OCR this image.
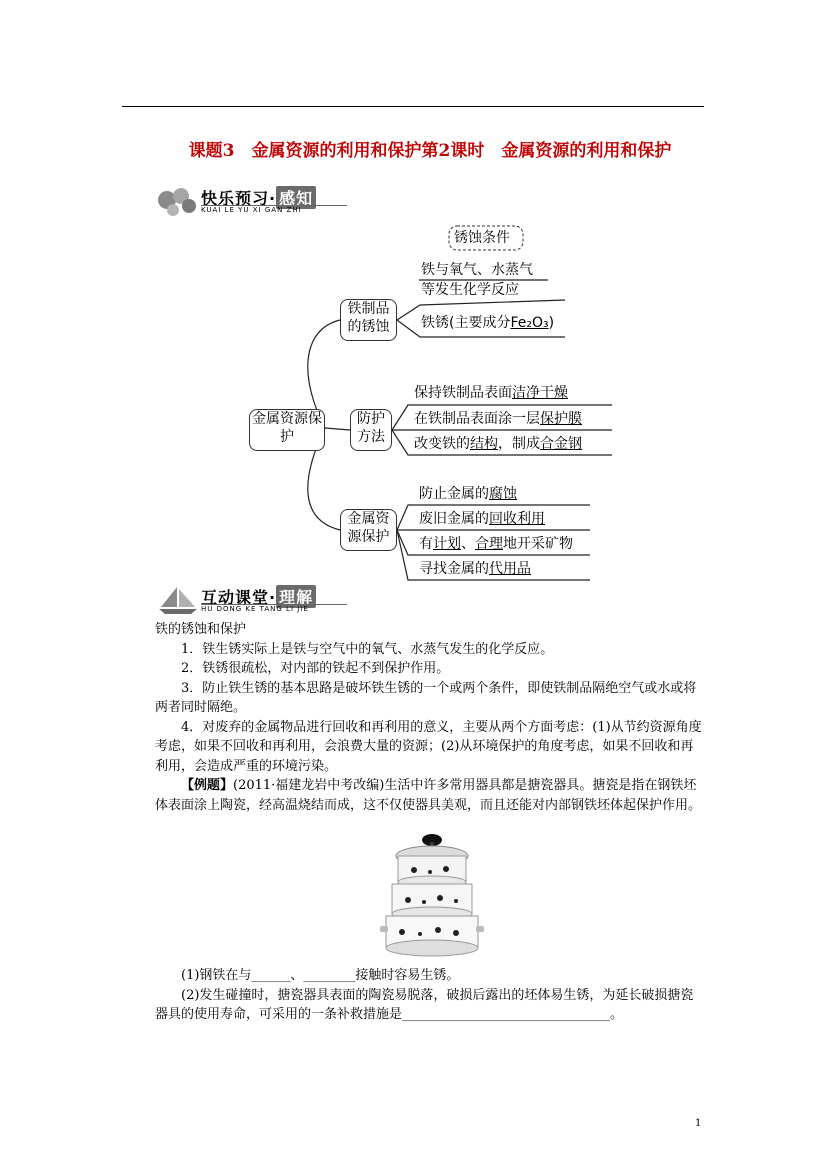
课题3　金属资源的利用和保护第2课时　金属资源的利用和保护
快乐预习· 感知
KUAI LE YU XI GAN ZHI
金属资源保护
铁制品的锈蚀
防护方法
金属资源保护
锈蚀条件
铁与氧气、水蒸气
等发生化学反应
铁锈(主要成分Fe₂O₃)
保持铁制品表面洁净干燥
在铁制品表面涂一层保护膜
改变铁的结构，制成合金钢
防止金属的腐蚀
废旧金属的回收利用
有计划、合理地开采矿物
寻找金属的代用品
互动课堂· 理解
HU DONG KE TANG LI JIE

铁的锈蚀和保护

1．铁生锈实际上是铁与空气中的氧气、水蒸气发生的化学反应。

2．铁锈很疏松，对内部的铁起不到保护作用。

3．防止铁生锈的基本思路是破坏铁生锈的一个或两个条件，即使铁制品隔绝空气或水或将两者同时隔绝。

4．对废弃的金属物品进行回收和再利用的意义，主要从两个方面考虑：(1)从节约资源角度考虑，如果不回收和再利用，会浪费大量的资源；(2)从环境保护的角度考虑，如果不回收和再利用，会造成严重的环境污染。

【例题】(2011·福建龙岩中考改编)生活中许多常用器具都是搪瓷器具。搪瓷是指在钢铁坯体表面涂上陶瓷，经高温烧结而成，这不仅使器具美观，而且还能对内部钢铁坯体起保护作用。

(1)钢铁在与______、________接触时容易生锈。

(2)发生碰撞时，搪瓷器具表面的陶瓷易脱落，破损后露出的坯体易生锈，为延长破损搪瓷器具的使用寿命，可采用的一条补救措施是________________________________。

1
